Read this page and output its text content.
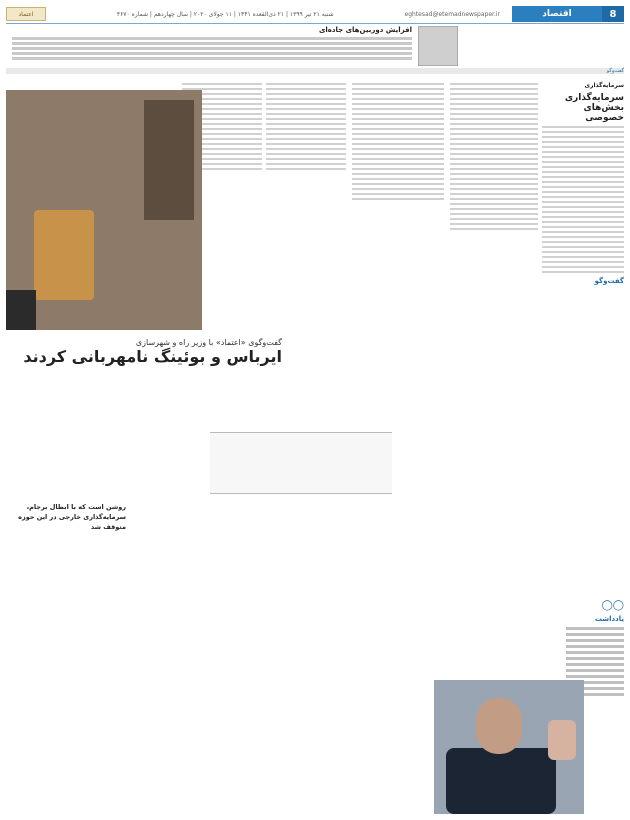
8
اقتصاد
eghtesad@etemadnewspaper.ir
شنبه ۲۱ تیر ۱۳۹۹ | ۲۱ ذی‌القعده ۱۴۴۱ | ۱۱ جولای ۲۰۲۰ | سال چهاردهم | شماره ۴۶۷۰
اعتماد
افزایش دوربین‌های جاده‌ای
گفت‌وگو
سرمایه‌گذاری
سرمایه‌گذاری بخش‌های خصوصی
گفت‌وگو
گفت‌وگوی «اعتماد» با وزیر راه و شهرسازی
ایرباس و بوئینگ نامهربانی کردند
روشن است که با ابطال برجام، سرمایه‌گذاری خارجی در این حوزه متوقف شد
◯◯
یادداشت
